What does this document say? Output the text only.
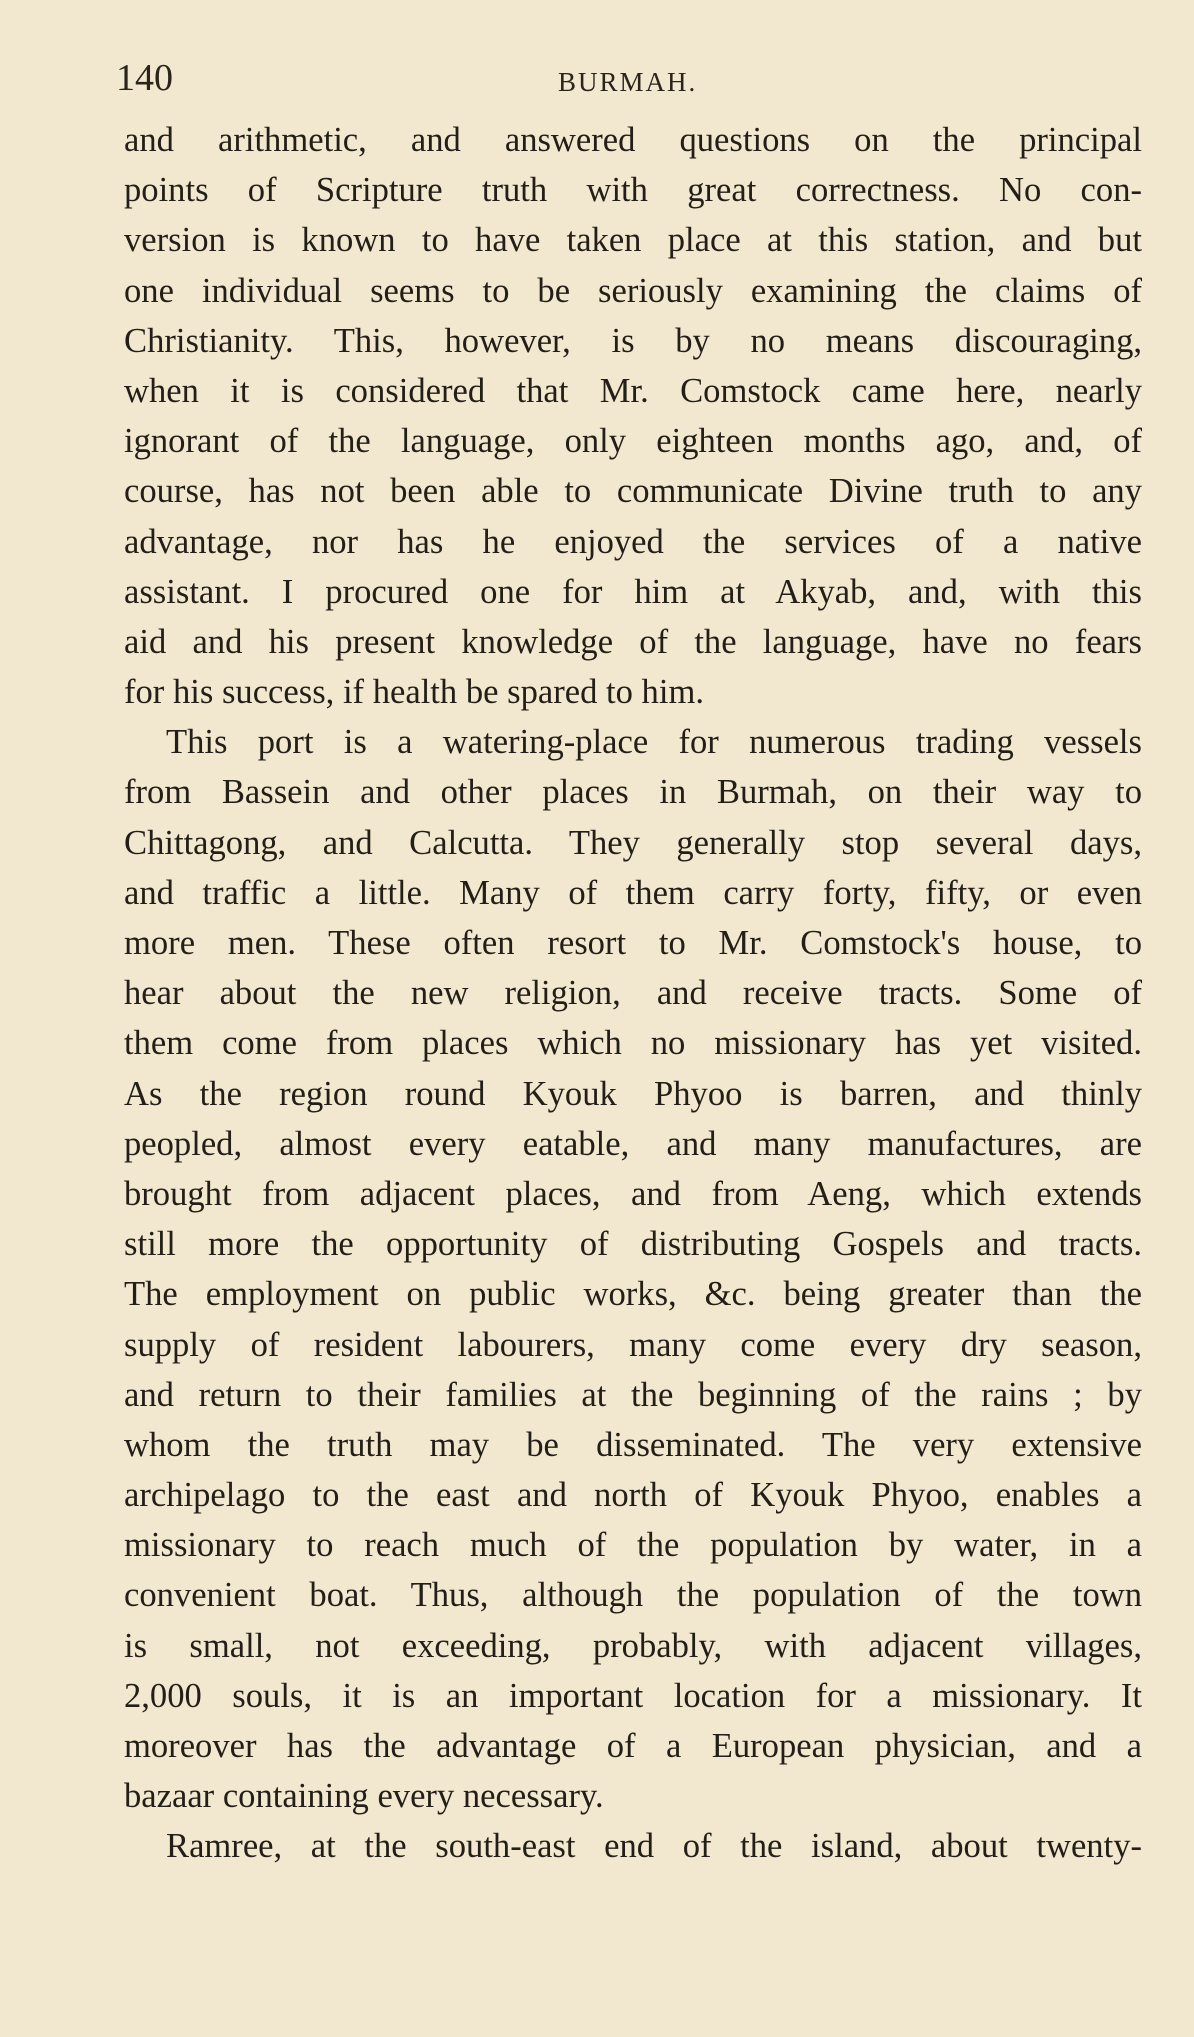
140	BURMAH.
and arithmetic, and answered questions on the principal
points of Scripture truth with great correctness. No con-
version is known to have taken place at this station, and but
one individual seems to be seriously examining the claims of
Christianity. This, however, is by no means discouraging,
when it is considered that Mr. Comstock came here, nearly
ignorant of the language, only eighteen months ago, and, of
course, has not been able to communicate Divine truth to any
advantage, nor has he enjoyed the services of a native
assistant. I procured one for him at Akyab, and, with this
aid and his present knowledge of the language, have no fears
for his success, if health be spared to him.
This port is a watering-place for numerous trading vessels
from Bassein and other places in Burmah, on their way to
Chittagong, and Calcutta. They generally stop several days,
and traffic a little. Many of them carry forty, fifty, or even
more men. These often resort to Mr. Comstock's house, to
hear about the new religion, and receive tracts. Some of
them come from places which no missionary has yet visited.
As the region round Kyouk Phyoo is barren, and thinly
peopled, almost every eatable, and many manufactures, are
brought from adjacent places, and from Aeng, which extends
still more the opportunity of distributing Gospels and tracts.
The employment on public works, &c. being greater than the
supply of resident labourers, many come every dry season,
and return to their families at the beginning of the rains ; by
whom the truth may be disseminated. The very extensive
archipelago to the east and north of Kyouk Phyoo, enables a
missionary to reach much of the population by water, in a
convenient boat. Thus, although the population of the town
is small, not exceeding, probably, with adjacent villages,
2,000 souls, it is an important location for a missionary. It
moreover has the advantage of a European physician, and a
bazaar containing every necessary.
Ramree, at the south-east end of the island, about twenty-
